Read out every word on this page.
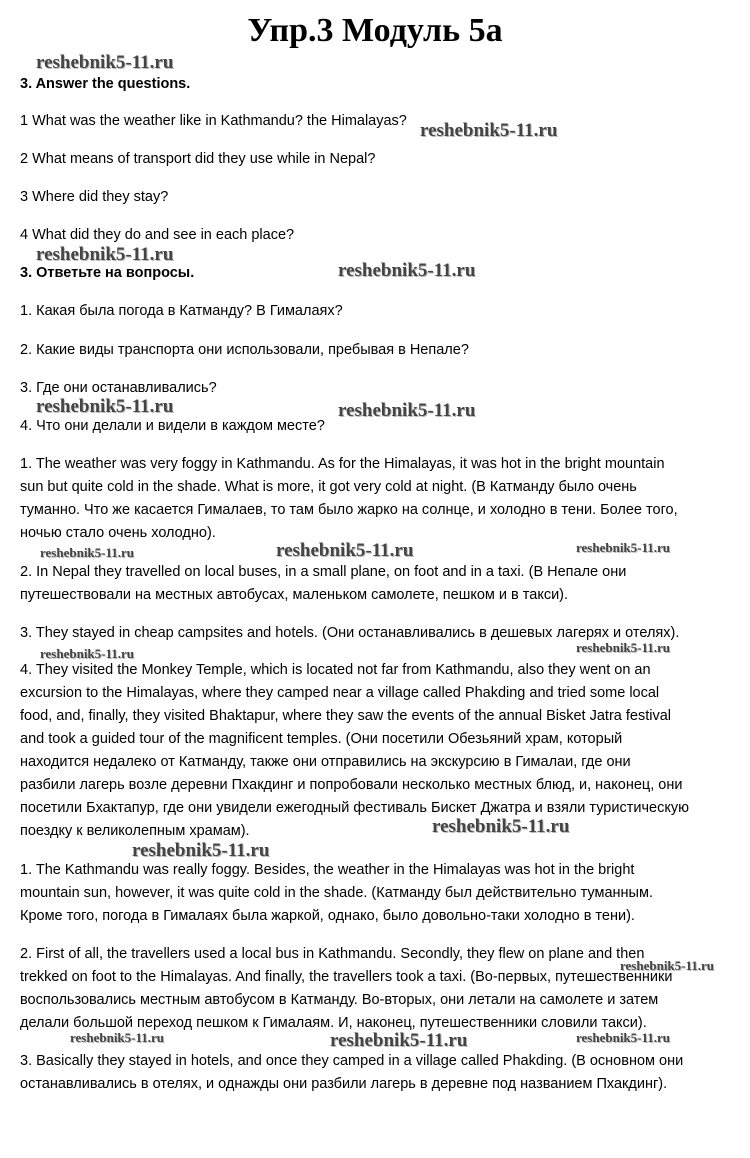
Упр.3 Модуль 5а
3. Answer the questions.
1 What was the weather like in Kathmandu? the Himalayas?
2 What means of transport did they use while in Nepal?
3 Where did they stay?
4 What did they do and see in each place?
3. Ответьте на вопросы.
1. Какая была погода в Катманду? В Гималаях?
2. Какие виды транспорта они использовали, пребывая в Непале?
3. Где они останавливались?
4. Что они делали и видели в каждом месте?
1. The weather was very foggy in Kathmandu. As for the Himalayas, it was hot in the bright mountain
sun but quite cold in the shade. What is more, it got very cold at night. (В Катманду было очень
туманно. Что же касается Гималаев, то там было жарко на солнце, и холодно в тени. Более того,
ночью стало очень холодно).
2. In Nepal they travelled on local buses, in a small plane, on foot and in a taxi. (В Непале они
путешествовали на местных автобусах, маленьком самолете, пешком и в такси).
3. They stayed in cheap campsites and hotels. (Они останавливались в дешевых лагерях и отелях).
4. They visited the Monkey Temple, which is located not far from Kathmandu, also they went on an
excursion to the Himalayas, where they camped near a village called Phakding and tried some local
food, and, finally, they visited Bhaktapur, where they saw the events of the annual Bisket Jatra festival
and took a guided tour of the magnificent temples. (Они посетили Обезьяний храм, который
находится недалеко от Катманду, также они отправились на экскурсию в Гималаи, где они
разбили лагерь возле деревни Пхакдинг и попробовали несколько местных блюд, и, наконец, они
посетили Бхактапур, где они увидели ежегодный фестиваль Бискет Джатра и взяли туристическую
поездку к великолепным храмам).
1. The Kathmandu was really foggy. Besides, the weather in the Himalayas was hot in the bright
mountain sun, however, it was quite cold in the shade. (Катманду был действительно туманным.
Кроме того, погода в Гималаях была жаркой, однако, было довольно-таки холодно в тени).
2. First of all, the travellers used a local bus in Kathmandu. Secondly, they flew on plane and then
trekked on foot to the Himalayas. And finally, the travellers took a taxi. (Во-первых, путешественники
воспользовались местным автобусом в Катманду. Во-вторых, они летали на самолете и затем
делали большой переход пешком к Гималаям. И, наконец, путешественники словили такси).
3. Basically they stayed in hotels, and once they camped in a village called Phakding. (В основном они
останавливались в отелях, и однажды они разбили лагерь в деревне под названием Пхакдинг).
reshebnik5-11.ru
reshebnik5-11.ru
reshebnik5-11.ru
reshebnik5-11.ru
reshebnik5-11.ru	reshebnik5-11.ru
reshebnik5-11.ru	reshebnik5-11.ru	reshebnik5-11.ru
reshebnik5-11.ru	reshebnik5-11.ru
reshebnik5-11.ru
reshebnik5-11.ru
reshebnik5-11.ru
reshebnik5-11.ru	reshebnik5-11.ru	reshebnik5-11.ru
